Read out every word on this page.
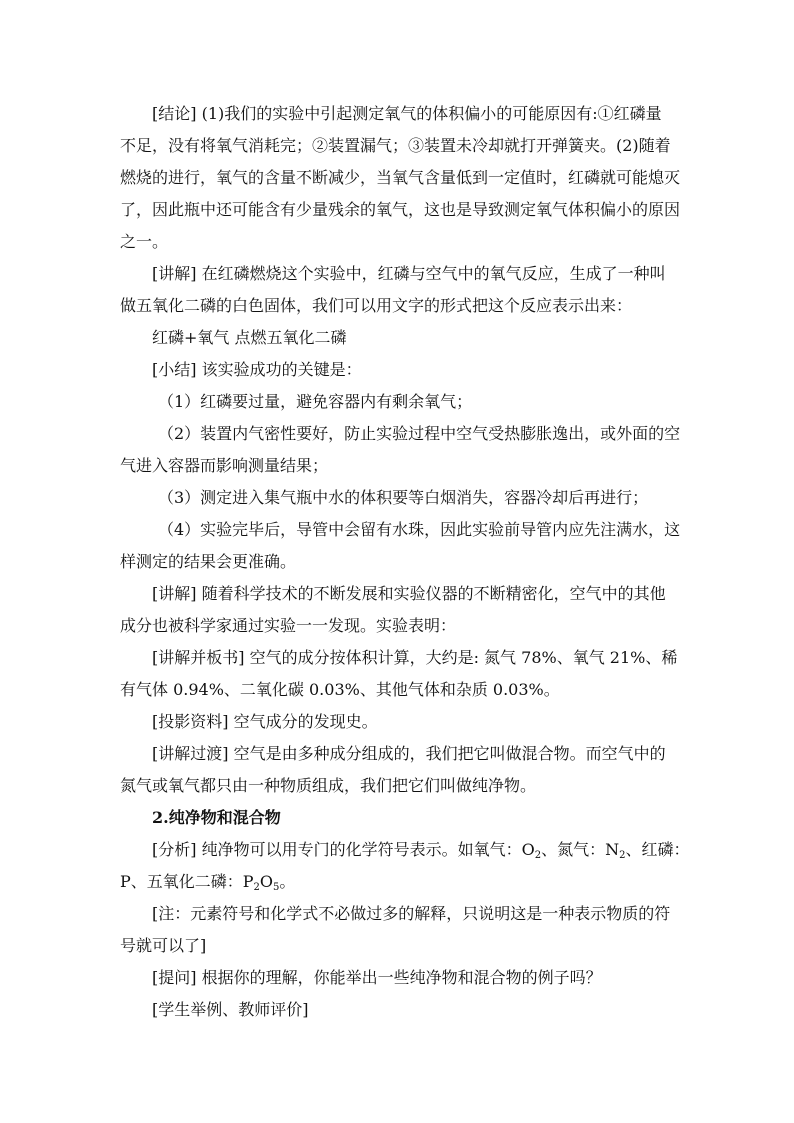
[结论] (1)我们的实验中引起测定氧气的体积偏小的可能原因有:①红磷量
不足，没有将氧气消耗完；②装置漏气；③装置未冷却就打开弹簧夹。(2)随着
燃烧的进行，氧气的含量不断减少，当氧气含量低到一定值时，红磷就可能熄灭
了，因此瓶中还可能含有少量残余的氧气，这也是导致测定氧气体积偏小的原因
之一。
[讲解] 在红磷燃烧这个实验中，红磷与空气中的氧气反应，生成了一种叫
做五氧化二磷的白色固体，我们可以用文字的形式把这个反应表示出来：
红磷+氧气 点燃五氧化二磷
[小结] 该实验成功的关键是：
（1）红磷要过量，避免容器内有剩余氧气；
（2）装置内气密性要好，防止实验过程中空气受热膨胀逸出，或外面的空
气进入容器而影响测量结果；
（3）测定进入集气瓶中水的体积要等白烟消失，容器冷却后再进行；
（4）实验完毕后，导管中会留有水珠，因此实验前导管内应先注满水，这
样测定的结果会更准确。
[讲解] 随着科学技术的不断发展和实验仪器的不断精密化，空气中的其他
成分也被科学家通过实验一一发现。实验表明：
[讲解并板书] 空气的成分按体积计算，大约是: 氮气 78%、氧气 21%、稀
有气体 0.94%、二氧化碳 0.03%、其他气体和杂质 0.03%。
[投影资料] 空气成分的发现史。
[讲解过渡] 空气是由多种成分组成的，我们把它叫做混合物。而空气中的
氮气或氧气都只由一种物质组成，我们把它们叫做纯净物。
2.纯净物和混合物
[分析] 纯净物可以用专门的化学符号表示。如氧气：$O_2$、氮气：$N_2$、红磷：
P、五氧化二磷：$P_2O_5$。
[注：元素符号和化学式不必做过多的解释，只说明这是一种表示物质的符
号就可以了]
[提问] 根据你的理解，你能举出一些纯净物和混合物的例子吗？
[学生举例、教师评价]
